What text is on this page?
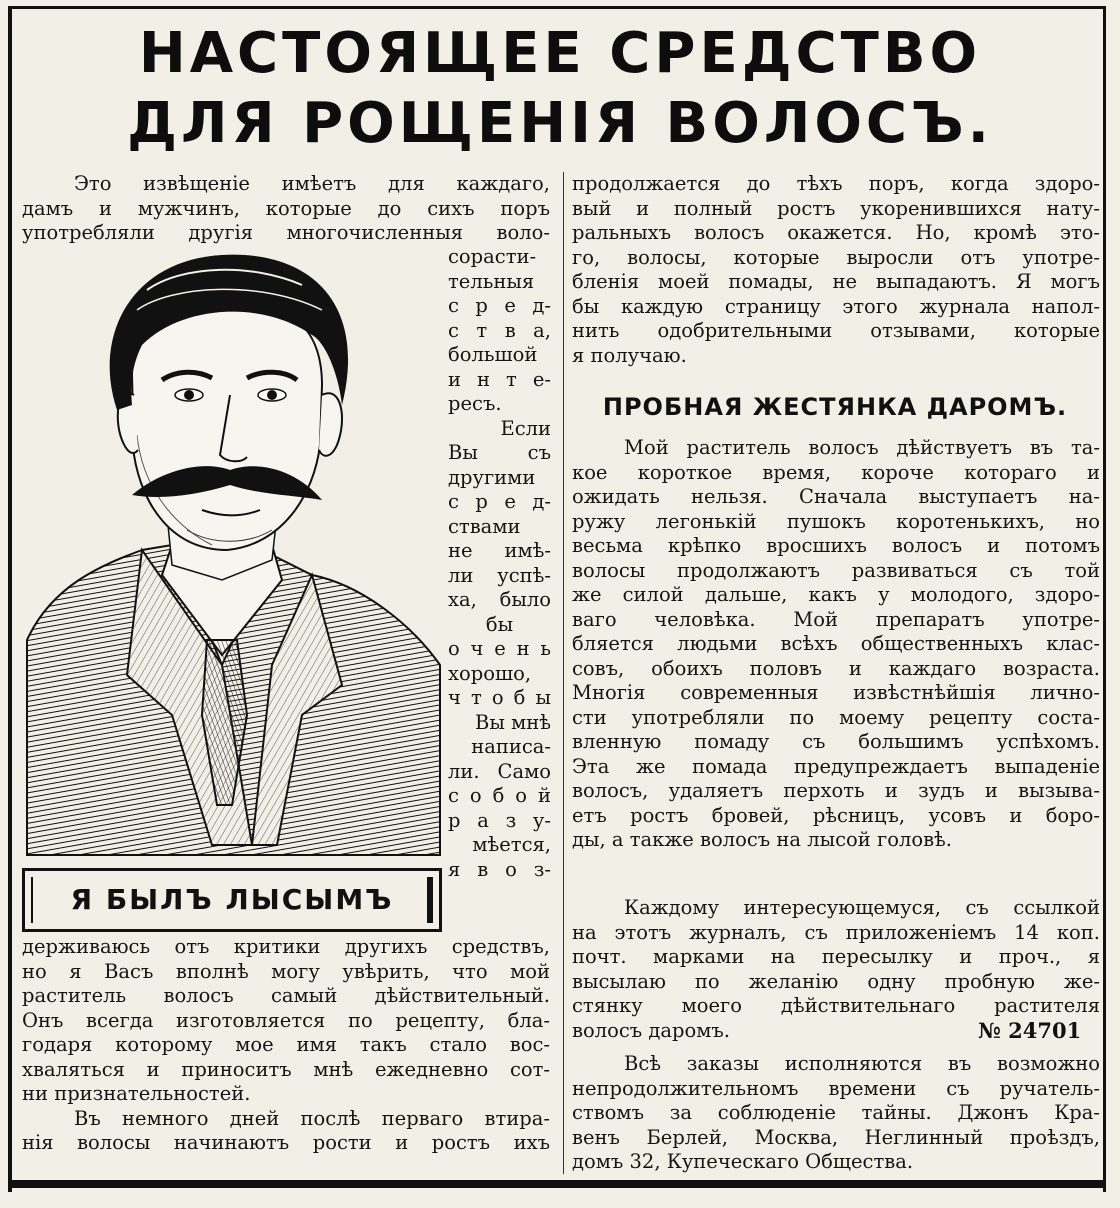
НАСТОЯЩЕЕ СРЕДСТВО
ДЛЯ РОЩЕНІЯ ВОЛОСЪ.
Это извѣщеніе имѣетъ для каждаго,
дамъ и мужчинъ, которые до сихъ поръ
употребляли другія многочисленныя воло-
сорасти-
тельныя
с р е д-
с т в а,
большой
и н т е-
ресъ.
Если
Вы съ
другими
с р е д-
ствами
не имѣ-
ли успѣ-
ха, было
бы
о ч е н ь
хорошо,
ч т о б ы
Вы мнѣ
написа-
ли. Само
с о б о й
р а з у-
мѣется,
я в о з-
Я БЫЛЪ ЛЫСЫМЪ
держиваюсь отъ критики другихъ средствъ,
но я Васъ вполнѣ могу увѣрить, что мой
раститель волосъ самый дѣйствительный.
Онъ всегда изготовляется по рецепту, бла-
годаря которому мое имя такъ стало вос-
хваляться и приноситъ мнѣ ежедневно сот-
ни признательностей.
Въ немного дней послѣ перваго втира-
нія волосы начинаютъ рости и ростъ ихъ
продолжается до тѣхъ поръ, когда здоро-
вый и полный ростъ укоренившихся нату-
ральныхъ волосъ окажется. Но, кромѣ это-
го, волосы, которые выросли отъ употре-
бленія моей помады, не выпадаютъ. Я могъ
бы каждую страницу этого журнала напол-
нить одобрительными отзывами, которые
я получаю.
ПРОБНАЯ ЖЕСТЯНКА ДАРОМЪ.
Мой раститель волосъ дѣйствуетъ въ та-
кое короткое время, короче котораго и
ожидать нельзя. Сначала выступаетъ на-
ружу легонькій пушокъ коротенькихъ, но
весьма крѣпко вросшихъ волосъ и потомъ
волосы продолжаютъ развиваться съ той
же силой дальше, какъ у молодого, здоро-
ваго человѣка. Мой препаратъ употре-
бляется людьми всѣхъ общественныхъ клас-
совъ, обоихъ половъ и каждаго возраста.
Многія современныя извѣстнѣйшія лично-
сти употребляли по моему рецепту соста-
вленную помаду съ большимъ успѣхомъ.
Эта же помада предупреждаетъ выпаденіе
волосъ, удаляетъ перхоть и зудъ и вызыва-
етъ ростъ бровей, рѣсницъ, усовъ и боро-
ды, а также волосъ на лысой головѣ.
Каждому интересующемуся, съ ссылкой
на этотъ журналъ, съ приложеніемъ 14 коп.
почт. марками на пересылку и проч., я
высылаю по желанію одну пробную же-
стянку моего дѣйствительнаго растителя
волосъ даромъ.	№ 24701
Всѣ заказы исполняются въ возможно
непродолжительномъ времени съ ручатель-
ствомъ за соблюденіе тайны. Джонъ Кра-
венъ Берлей, Москва, Неглинный проѣздъ,
домъ 32, Купеческаго Общества.
